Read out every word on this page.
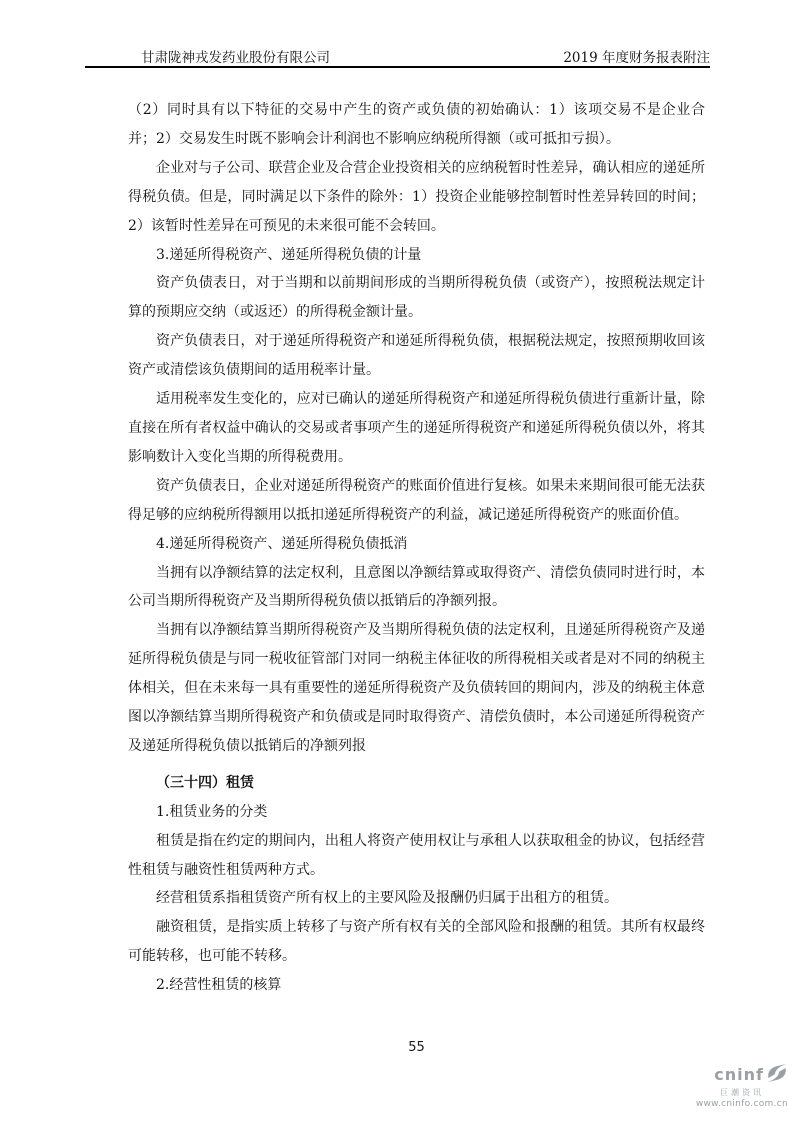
甘肃陇神戎发药业股份有限公司	2019 年度财务报表附注

（2）同时具有以下特征的交易中产生的资产或负债的初始确认：1）该项交易不是企业合并；2）交易发生时既不影响会计利润也不影响应纳税所得额（或可抵扣亏损）。

企业对与子公司、联营企业及合营企业投资相关的应纳税暂时性差异，确认相应的递延所得税负债。但是，同时满足以下条件的除外：1）投资企业能够控制暂时性差异转回的时间；2）该暂时性差异在可预见的未来很可能不会转回。

3.递延所得税资产、递延所得税负债的计量

资产负债表日，对于当期和以前期间形成的当期所得税负债（或资产），按照税法规定计算的预期应交纳（或返还）的所得税金额计量。

资产负债表日，对于递延所得税资产和递延所得税负债，根据税法规定，按照预期收回该资产或清偿该负债期间的适用税率计量。

适用税率发生变化的，应对已确认的递延所得税资产和递延所得税负债进行重新计量，除直接在所有者权益中确认的交易或者事项产生的递延所得税资产和递延所得税负债以外，将其影响数计入变化当期的所得税费用。

资产负债表日，企业对递延所得税资产的账面价值进行复核。如果未来期间很可能无法获得足够的应纳税所得额用以抵扣递延所得税资产的利益，减记递延所得税资产的账面价值。

4.递延所得税资产、递延所得税负债抵消

当拥有以净额结算的法定权利，且意图以净额结算或取得资产、清偿负债同时进行时，本公司当期所得税资产及当期所得税负债以抵销后的净额列报。

当拥有以净额结算当期所得税资产及当期所得税负债的法定权利，且递延所得税资产及递延所得税负债是与同一税收征管部门对同一纳税主体征收的所得税相关或者是对不同的纳税主体相关，但在未来每一具有重要性的递延所得税资产及负债转回的期间内，涉及的纳税主体意图以净额结算当期所得税资产和负债或是同时取得资产、清偿负债时，本公司递延所得税资产及递延所得税负债以抵销后的净额列报

（三十四）租赁

1.租赁业务的分类

租赁是指在约定的期间内，出租人将资产使用权让与承租人以获取租金的协议，包括经营性租赁与融资性租赁两种方式。

经营租赁系指租赁资产所有权上的主要风险及报酬仍归属于出租方的租赁。

融资租赁，是指实质上转移了与资产所有权有关的全部风险和报酬的租赁。其所有权最终可能转移，也可能不转移。

2.经营性租赁的核算

55
cninf
巨潮资讯
www.cninfo.com.cn
